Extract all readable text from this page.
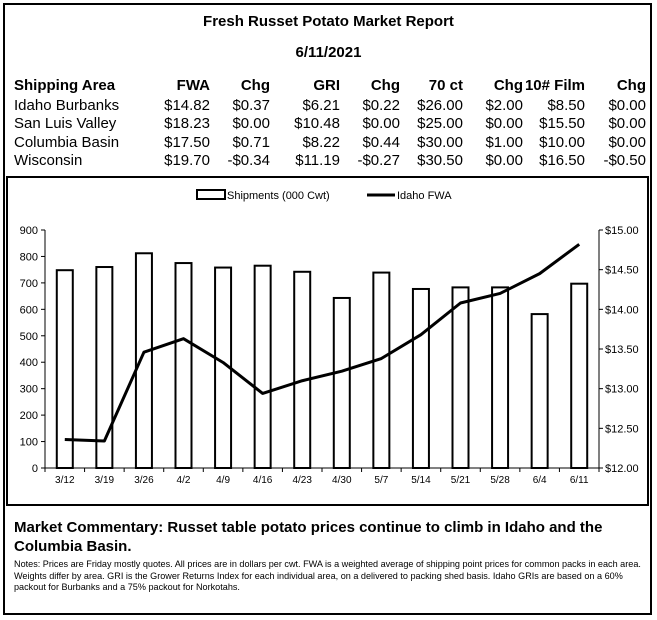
Fresh Russet Potato Market Report
6/11/2021
Shipping Area	FWA	Chg	GRI	Chg	70 ct	Chg	10# Film	Chg
Idaho Burbanks	$14.82	$0.37	$6.21	$0.22	$26.00	$2.00	$8.50	$0.00
San Luis Valley	$18.23	$0.00	$10.48	$0.00	$25.00	$0.00	$15.50	$0.00
Columbia Basin	$17.50	$0.71	$8.22	$0.44	$30.00	$1.00	$10.00	$0.00
Wisconsin	$19.70	-$0.34	$11.19	-$0.27	$30.50	$0.00	$16.50	-$0.50
0
100
200
300
400
500
600
700
800
900
$12.00
$12.50
$13.00
$13.50
$14.00
$14.50
$15.00
3/12 3/19 3/26 4/2	4/9 4/16 4/23 4/30 5/7 5/14 5/21 5/28 6/4 6/11
Shipments (000 Cwt)	Idaho FWA
Market Commentary: Russet table potato prices continue to climb in Idaho and the Columbia Basin.
Notes: Prices are Friday mostly quotes. All prices are in dollars per cwt. FWA is a weighted average of shipping point prices for common packs in each area. Weights differ by area. GRI is the Grower Returns Index for each individual area, on a delivered to packing shed basis. Idaho GRIs are based on a 60% packout for Burbanks and a 75% packout for Norkotahs.
